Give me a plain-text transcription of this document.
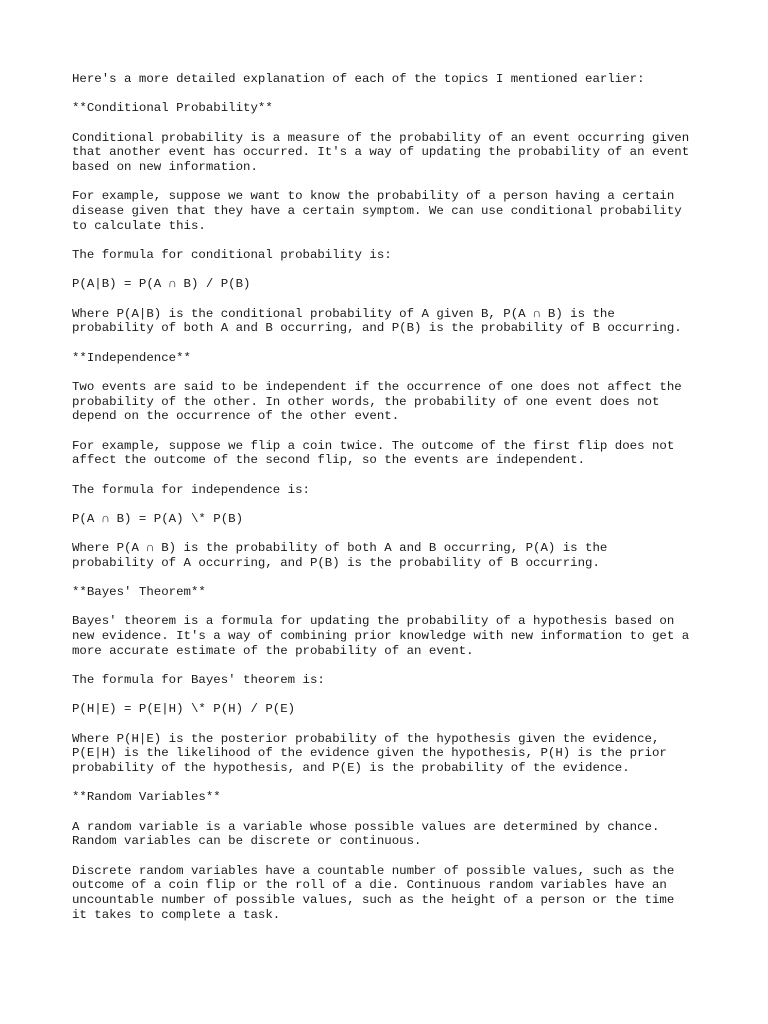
Here's a more detailed explanation of each of the topics I mentioned earlier:

**Conditional Probability**

Conditional probability is a measure of the probability of an event occurring given
that another event has occurred. It's a way of updating the probability of an event
based on new information.

For example, suppose we want to know the probability of a person having a certain
disease given that they have a certain symptom. We can use conditional probability
to calculate this.

The formula for conditional probability is:

P(A|B) = P(A ∩ B) / P(B)

Where P(A|B) is the conditional probability of A given B, P(A ∩ B) is the
probability of both A and B occurring, and P(B) is the probability of B occurring.

**Independence**

Two events are said to be independent if the occurrence of one does not affect the
probability of the other. In other words, the probability of one event does not
depend on the occurrence of the other event.

For example, suppose we flip a coin twice. The outcome of the first flip does not
affect the outcome of the second flip, so the events are independent.

The formula for independence is:

P(A ∩ B) = P(A) \* P(B)

Where P(A ∩ B) is the probability of both A and B occurring, P(A) is the
probability of A occurring, and P(B) is the probability of B occurring.

**Bayes' Theorem**

Bayes' theorem is a formula for updating the probability of a hypothesis based on
new evidence. It's a way of combining prior knowledge with new information to get a
more accurate estimate of the probability of an event.

The formula for Bayes' theorem is:

P(H|E) = P(E|H) \* P(H) / P(E)

Where P(H|E) is the posterior probability of the hypothesis given the evidence,
P(E|H) is the likelihood of the evidence given the hypothesis, P(H) is the prior
probability of the hypothesis, and P(E) is the probability of the evidence.

**Random Variables**

A random variable is a variable whose possible values are determined by chance.
Random variables can be discrete or continuous.

Discrete random variables have a countable number of possible values, such as the
outcome of a coin flip or the roll of a die. Continuous random variables have an
uncountable number of possible values, such as the height of a person or the time
it takes to complete a task.
